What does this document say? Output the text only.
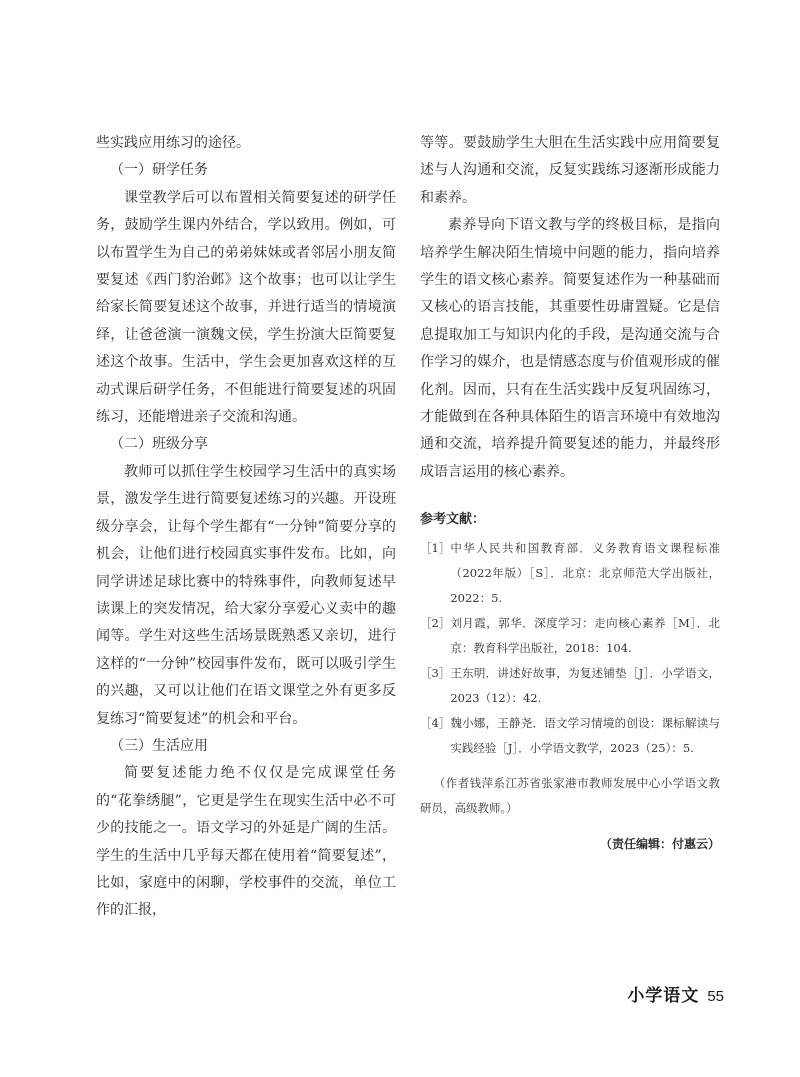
些实践应用练习的途径。

（一）研学任务

课堂教学后可以布置相关简要复述的研学任务，鼓励学生课内外结合，学以致用。例如，可以布置学生为自己的弟弟妹妹或者邻居小朋友简要复述《西门豹治邺》这个故事；也可以让学生给家长简要复述这个故事，并进行适当的情境演绎，让爸爸演一演魏文侯，学生扮演大臣简要复述这个故事。生活中，学生会更加喜欢这样的互动式课后研学任务，不但能进行简要复述的巩固练习，还能增进亲子交流和沟通。

（二）班级分享

教师可以抓住学生校园学习生活中的真实场景，激发学生进行简要复述练习的兴趣。开设班级分享会，让每个学生都有“一分钟”简要分享的机会，让他们进行校园真实事件发布。比如，向同学讲述足球比赛中的特殊事件，向教师复述早读课上的突发情况，给大家分享爱心义卖中的趣闻等。学生对这些生活场景既熟悉又亲切，进行这样的“一分钟”校园事件发布，既可以吸引学生的兴趣，又可以让他们在语文课堂之外有更多反复练习“简要复述”的机会和平台。

（三）生活应用

简要复述能力绝不仅仅是完成课堂任务的“花拳绣腿”，它更是学生在现实生活中必不可少的技能之一。语文学习的外延是广阔的生活。学生的生活中几乎每天都在使用着“简要复述”，比如，家庭中的闲聊，学校事件的交流，单位工作的汇报，

等等。要鼓励学生大胆在生活实践中应用简要复述与人沟通和交流，反复实践练习逐渐形成能力和素养。

素养导向下语文教与学的终极目标，是指向培养学生解决陌生情境中问题的能力，指向培养学生的语文核心素养。简要复述作为一种基础而又核心的语言技能，其重要性毋庸置疑。它是信息提取加工与知识内化的手段，是沟通交流与合作学习的媒介，也是情感态度与价值观形成的催化剂。因而，只有在生活实践中反复巩固练习，才能做到在各种具体陌生的语言环境中有效地沟通和交流，培养提升简要复述的能力，并最终形成语言运用的核心素养。

参考文献：
［1］ 中华人民共和国教育部．义务教育语文课程标准（2022年版）［S］．北京：北京师范大学出版社，2022：5.
［2］ 刘月霞，郭华．深度学习：走向核心素养［M］．北京：教育科学出版社，2018：104.
［3］ 王东明．讲述好故事，为复述铺垫［J］．小学语文，2023（12）：42.
［4］ 魏小娜，王静尧．语文学习情境的创设：课标解读与实践经验［J］．小学语文教学，2023（25）：5.

（作者钱萍系江苏省张家港市教师发展中心小学语文教研员，高级教师。）

（责任编辑：付惠云）

小学语文 55
